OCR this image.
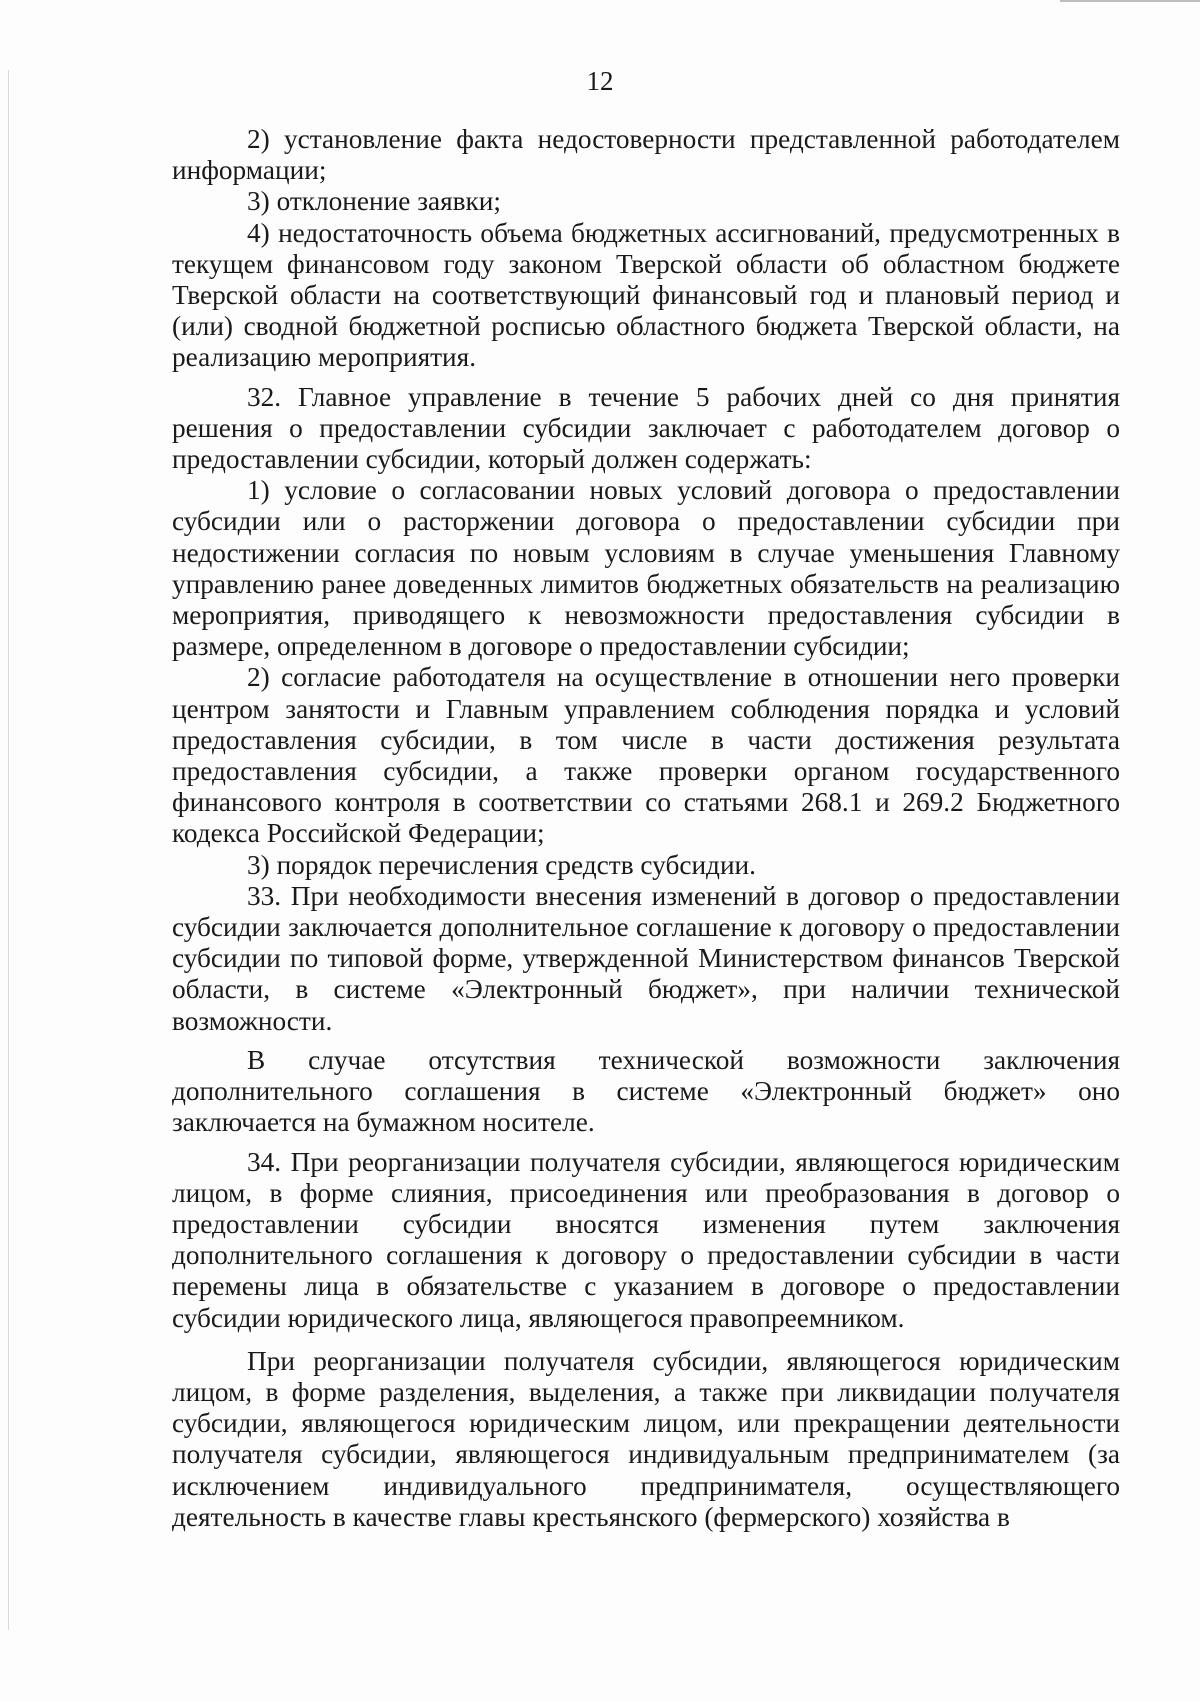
12

2) установление факта недостоверности представленной работодателем информации;

3) отклонение заявки;

4) недостаточность объема бюджетных ассигнований, предусмотренных в текущем финансовом году законом Тверской области об областном бюджете Тверской области на соответствующий финансовый год и плановый период и (или) сводной бюджетной росписью областного бюджета Тверской области, на реализацию мероприятия.

32. Главное управление в течение 5 рабочих дней со дня принятия решения о предоставлении субсидии заключает с работодателем договор о предоставлении субсидии, который должен содержать:

1) условие о согласовании новых условий договора о предоставлении субсидии или о расторжении договора о предоставлении субсидии при недостижении согласия по новым условиям в случае уменьшения Главному управлению ранее доведенных лимитов бюджетных обязательств на реализацию мероприятия, приводящего к невозможности предоставления субсидии в размере, определенном в договоре о предоставлении субсидии;

2) согласие работодателя на осуществление в отношении него проверки центром занятости и Главным управлением соблюдения порядка и условий предоставления субсидии, в том числе в части достижения результата предоставления субсидии, а также проверки органом государственного финансового контроля в соответствии со статьями 268.1 и 269.2 Бюджетного кодекса Российской Федерации;

3) порядок перечисления средств субсидии.

33. При необходимости внесения изменений в договор о предоставлении субсидии заключается дополнительное соглашение к договору о предоставлении субсидии по типовой форме, утвержденной Министерством финансов Тверской области, в системе «Электронный бюджет», при наличии технической возможности.

В случае отсутствия технической возможности заключения дополнительного соглашения в системе «Электронный бюджет» оно заключается на бумажном носителе.

34. При реорганизации получателя субсидии, являющегося юридическим лицом, в форме слияния, присоединения или преобразования в договор о предоставлении субсидии вносятся изменения путем заключения дополнительного соглашения к договору о предоставлении субсидии в части перемены лица в обязательстве с указанием в договоре о предоставлении субсидии юридического лица, являющегося правопреемником.

При реорганизации получателя субсидии, являющегося юридическим лицом, в форме разделения, выделения, а также при ликвидации получателя субсидии, являющегося юридическим лицом, или прекращении деятельности получателя субсидии, являющегося индивидуальным предпринимателем (за исключением индивидуального предпринимателя, осуществляющего деятельность в качестве главы крестьянского (фермерского) хозяйства в
